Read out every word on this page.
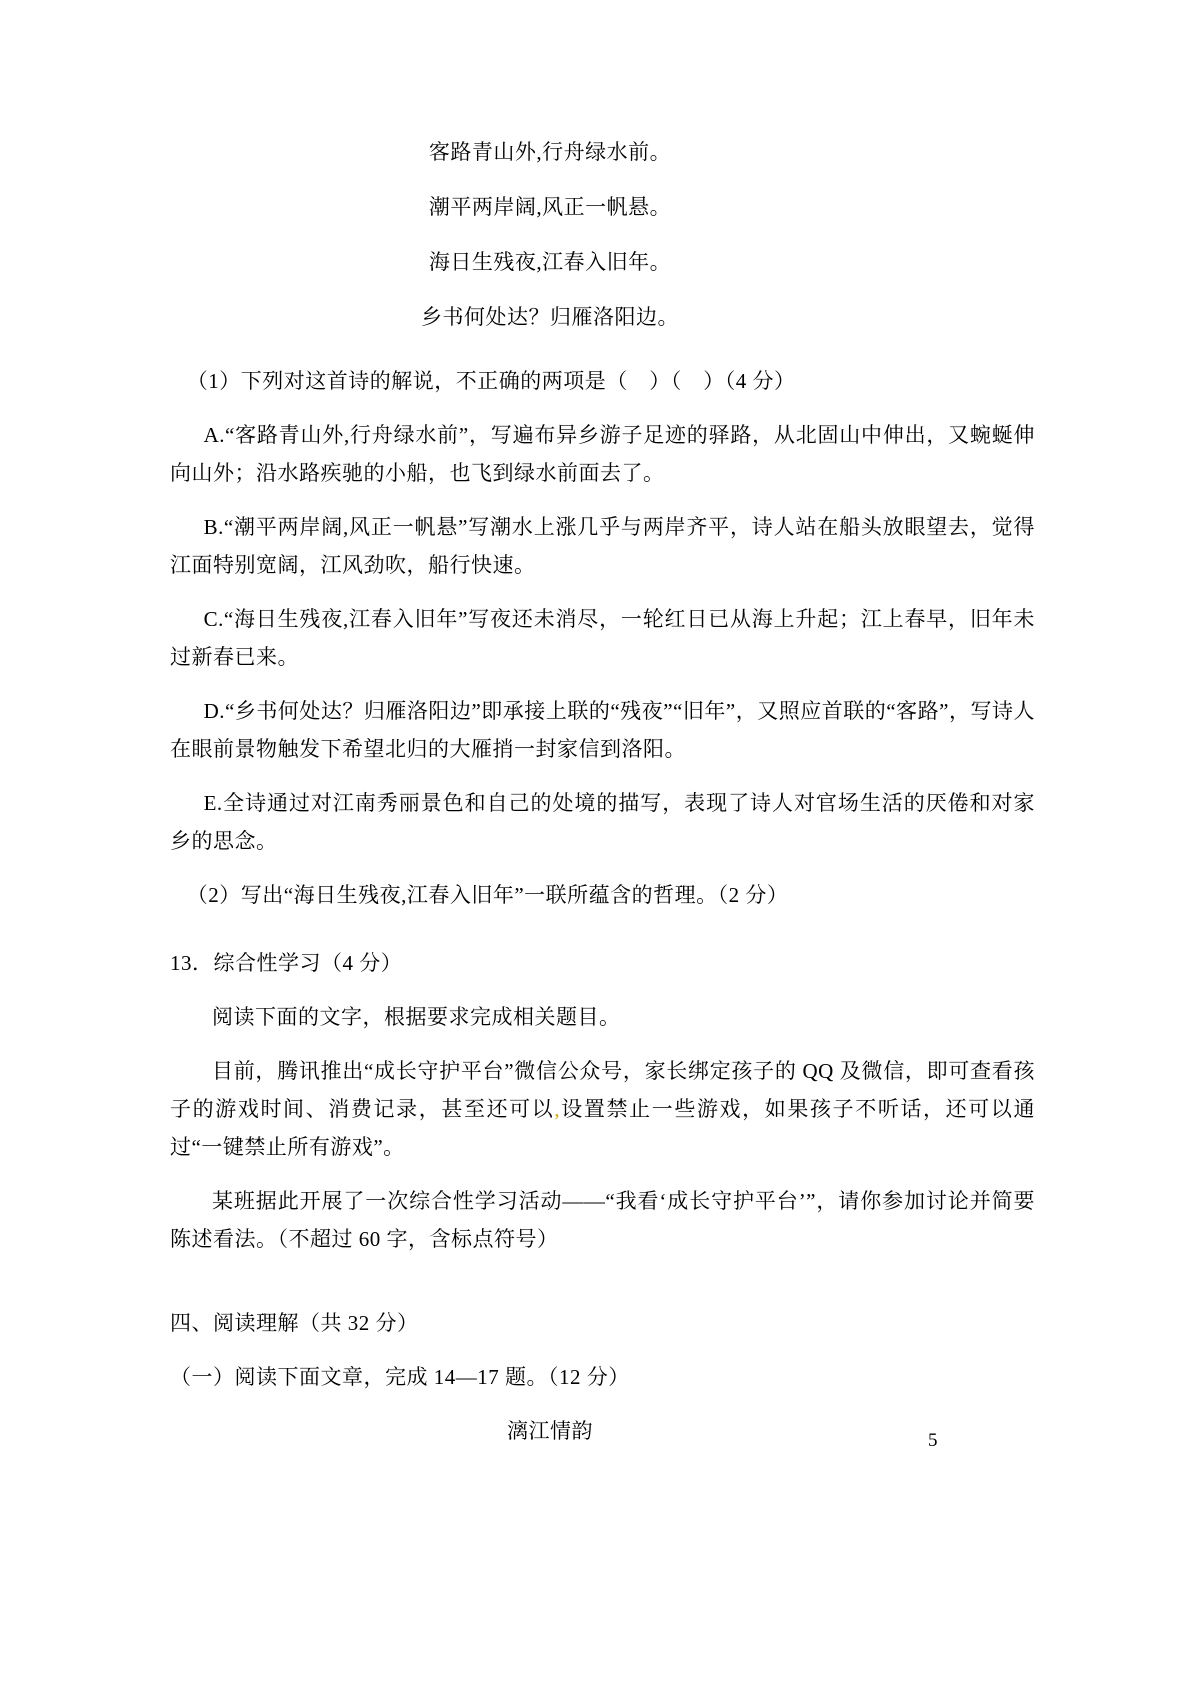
客路青山外,行舟绿水前。

潮平两岸阔,风正一帆悬。

海日生残夜,江春入旧年。

乡书何处达？归雁洛阳边。

（1）下列对这首诗的解说，不正确的两项是（　）（　）（4 分）

A.“客路青山外,行舟绿水前”，写遍布异乡游子足迹的驿路，从北固山中伸出，又蜿蜒伸向山外；沿水路疾驰的小船，也飞到绿水前面去了。

B.“潮平两岸阔,风正一帆悬”写潮水上涨几乎与两岸齐平，诗人站在船头放眼望去，觉得江面特别宽阔，江风劲吹，船行快速。

C.“海日生残夜,江春入旧年”写夜还未消尽，一轮红日已从海上升起；江上春早，旧年未过新春已来。

D.“乡书何处达？归雁洛阳边”即承接上联的“残夜”“旧年”，又照应首联的“客路”，写诗人在眼前景物触发下希望北归的大雁捎一封家信到洛阳。

E.全诗通过对江南秀丽景色和自己的处境的描写，表现了诗人对官场生活的厌倦和对家乡的思念。

（2）写出“海日生残夜,江春入旧年”一联所蕴含的哲理。（2 分）

13．综合性学习（4 分）

阅读下面的文字，根据要求完成相关题目。

目前，腾讯推出“成长守护平台”微信公众号，家长绑定孩子的 QQ 及微信，即可查看孩子的游戏时间、消费记录，甚至还可以,设置禁止一些游戏，如果孩子不听话，还可以通过“一键禁止所有游戏”。

某班据此开展了一次综合性学习活动——“我看‘成长守护平台’”，请你参加讨论并简要陈述看法。（不超过 60 字，含标点符号）

四、阅读理解（共 32 分）

（一）阅读下面文章，完成 14—17 题。（12 分）

漓江情韵	5
